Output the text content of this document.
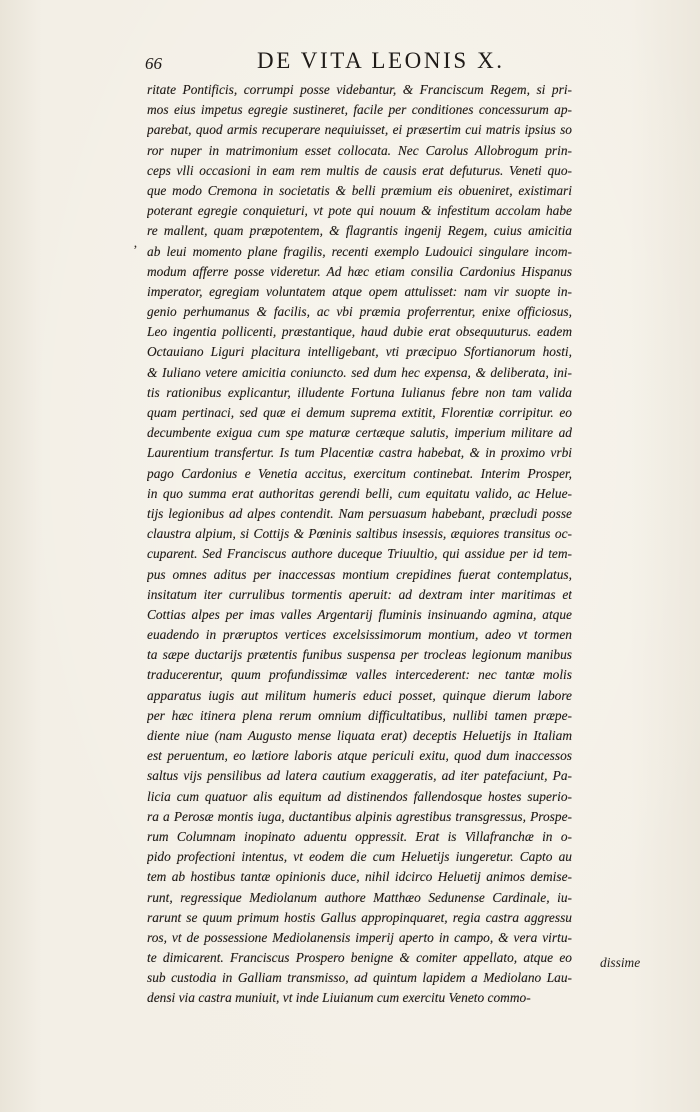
66	DE VITA LEONIS X.
‚
ritate Pontificis, corrumpi posse videbantur, & Franciscum Regem, si pri-
mos eius impetus egregie sustineret, facile per conditiones concessurum ap-
parebat, quod armis recuperare nequiuisset, ei præsertim cui matris ipsius so
ror nuper in matrimonium esset collocata. Nec Carolus Allobrogum prin-
ceps vlli occasioni in eam rem multis de causis erat defuturus. Veneti quo-
que modo Cremona in societatis & belli præmium eis obueniret, existimari
poterant egregie conquieturi, vt pote qui nouum & infestitum accolam habe
re mallent, quam præpotentem, & flagrantis ingenij Regem, cuius amicitia
ab leui momento plane fragilis, recenti exemplo Ludouici singulare incom-
modum afferre posse videretur. Ad hæc etiam consilia Cardonius Hispanus
imperator, egregiam voluntatem atque opem attulisset: nam vir suopte in-
genio perhumanus & facilis, ac vbi præmia proferrentur, enixe officiosus,
Leo ingentia pollicenti, præstantique, haud dubie erat obsequuturus. eadem
Octauiano Liguri placitura intelligebant, vti præcipuo Sfortianorum hosti,
& Iuliano vetere amicitia coniuncto. sed dum hec expensa, & deliberata, ini-
tis rationibus explicantur, illudente Fortuna Iulianus febre non tam valida
quam pertinaci, sed quæ ei demum suprema extitit, Florentiæ corripitur. eo
decumbente exigua cum spe maturæ certæque salutis, imperium militare ad
Laurentium transfertur. Is tum Placentiæ castra habebat, & in proximo vrbi
pago Cardonius e Venetia accitus, exercitum continebat. Interim Prosper,
in quo summa erat authoritas gerendi belli, cum equitatu valido, ac Helue-
tijs legionibus ad alpes contendit. Nam persuasum habebant, præcludi posse
claustra alpium, si Cottijs & Pœninis saltibus insessis, æquiores transitus oc-
cuparent. Sed Franciscus authore duceque Triuultio, qui assidue per id tem-
pus omnes aditus per inaccessas montium crepidines fuerat contemplatus,
insitatum iter currulibus tormentis aperuit: ad dextram inter maritimas et
Cottias alpes per imas valles Argentarij fluminis insinuando agmina, atque
euadendo in præruptos vertices excelsissimorum montium, adeo vt tormen
ta sæpe ductarijs prætentis funibus suspensa per trocleas legionum manibus
traducerentur, quum profundissimæ valles intercederent: nec tantæ molis
apparatus iugis aut militum humeris educi posset, quinque dierum labore
per hæc itinera plena rerum omnium difficultatibus, nullibi tamen præpe-
diente niue (nam Augusto mense liquata erat) deceptis Heluetijs in Italiam
est peruentum, eo lætiore laboris atque periculi exitu, quod dum inaccessos
saltus vijs pensilibus ad latera cautium exaggeratis, ad iter patefaciunt, Pa-
licia cum quatuor alis equitum ad distinendos fallendosque hostes superio-
ra a Perosæ montis iuga, ductantibus alpinis agrestibus transgressus, Prospe-
rum Columnam inopinato aduentu oppressit. Erat is Villafranchæ in o-
pido profectioni intentus, vt eodem die cum Heluetijs iungeretur. Capto au
tem ab hostibus tantæ opinionis duce, nihil idcirco Heluetij animos demise-
runt, regressique Mediolanum authore Matthæo Sedunense Cardinale, iu-
rarunt se quum primum hostis Gallus appropinquaret, regia castra aggressu
ros, vt de possessione Mediolanensis imperij aperto in campo, & vera virtu-
te dimicarent. Franciscus Prospero benigne & comiter appellato, atque eo
sub custodia in Galliam transmisso, ad quintum lapidem a Mediolano Lau-
densi via castra muniuit, vt inde Liuianum cum exercitu Veneto commo-
dissime
